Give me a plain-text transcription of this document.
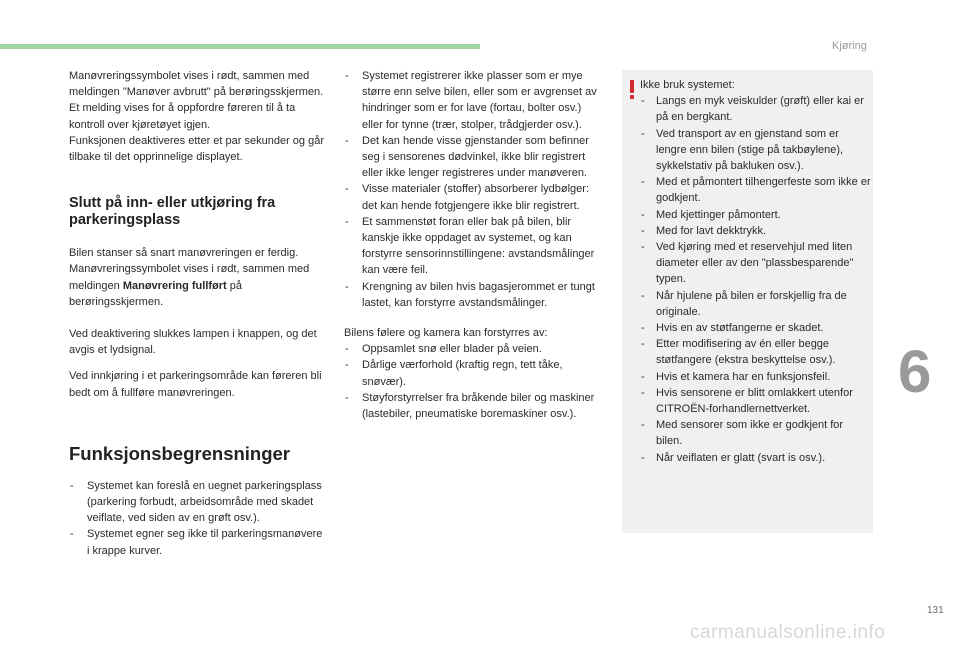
Kjøring
6

Manøvreringssymbolet vises i rødt, sammen med meldingen "Manøver avbrutt" på berøringsskjermen.

Et melding vises for å oppfordre føreren til å ta kontroll over kjøretøyet igjen.

Funksjonen deaktiveres etter et par sekunder og går tilbake til det opprinnelige displayet.

Slutt på inn- eller utkjøring fra parkeringsplass

Bilen stanser så snart manøvreringen er ferdig. Manøvreringssymbolet vises i rødt, sammen med meldingen Manøvrering fullført på berøringsskjermen.

Ved deaktivering slukkes lampen i knappen, og det avgis et lydsignal.

Ved innkjøring i et parkeringsområde kan føreren bli bedt om å fullføre manøvreringen.

Funksjonsbegrensninger
- Systemet kan foreslå en uegnet parkeringsplass (parkering forbudt, arbeidsområde med skadet veiflate, ved siden av en grøft osv.).
- Systemet egner seg ikke til parkeringsmanøvere i krappe kurver.
- Systemet registrerer ikke plasser som er mye større enn selve bilen, eller som er avgrenset av hindringer som er for lave (fortau, bolter osv.) eller for tynne (trær, stolper, trådgjerder osv.).
- Det kan hende visse gjenstander som befinner seg i sensorenes dødvinkel, ikke blir registrert eller ikke lenger registreres under manøveren.
- Visse materialer (stoffer) absorberer lydbølger: det kan hende fotgjengere ikke blir registrert.
- Et sammenstøt foran eller bak på bilen, blir kanskje ikke oppdaget av systemet, og kan forstyrre sensorinnstillingene: avstandsmålinger kan være feil.
- Krengning av bilen hvis bagasjerommet er tungt lastet, kan forstyrre avstandsmålinger.

Bilens følere og kamera kan forstyrres av:

- Oppsamlet snø eller blader på veien.
- Dårlige værforhold (kraftig regn, tett tåke, snøvær).
- Støyforstyrrelser fra bråkende biler og maskiner (lastebiler, pneumatiske boremaskiner osv.).

Ikke bruk systemet:

- Langs en myk veiskulder (grøft) eller kai er på en bergkant.
- Ved transport av en gjenstand som er lengre enn bilen (stige på takbøylene), sykkelstativ på bakluken osv.).
- Med et påmontert tilhengerfeste som ikke er godkjent.
- Med kjettinger påmontert.
- Med for lavt dekktrykk.
- Ved kjøring med et reservehjul med liten diameter eller av den "plassbesparende" typen.
- Når hjulene på bilen er forskjellig fra de originale.
- Hvis en av støtfangerne er skadet.
- Etter modifisering av én eller begge støtfangere (ekstra beskyttelse osv.).
- Hvis et kamera har en funksjonsfeil.
- Hvis sensorene er blitt omlakkert utenfor CITROËN-forhandlernettverket.
- Med sensorer som ikke er godkjent for bilen.
- Når veiflaten er glatt (svart is osv.).
131
carmanualsonline.info
